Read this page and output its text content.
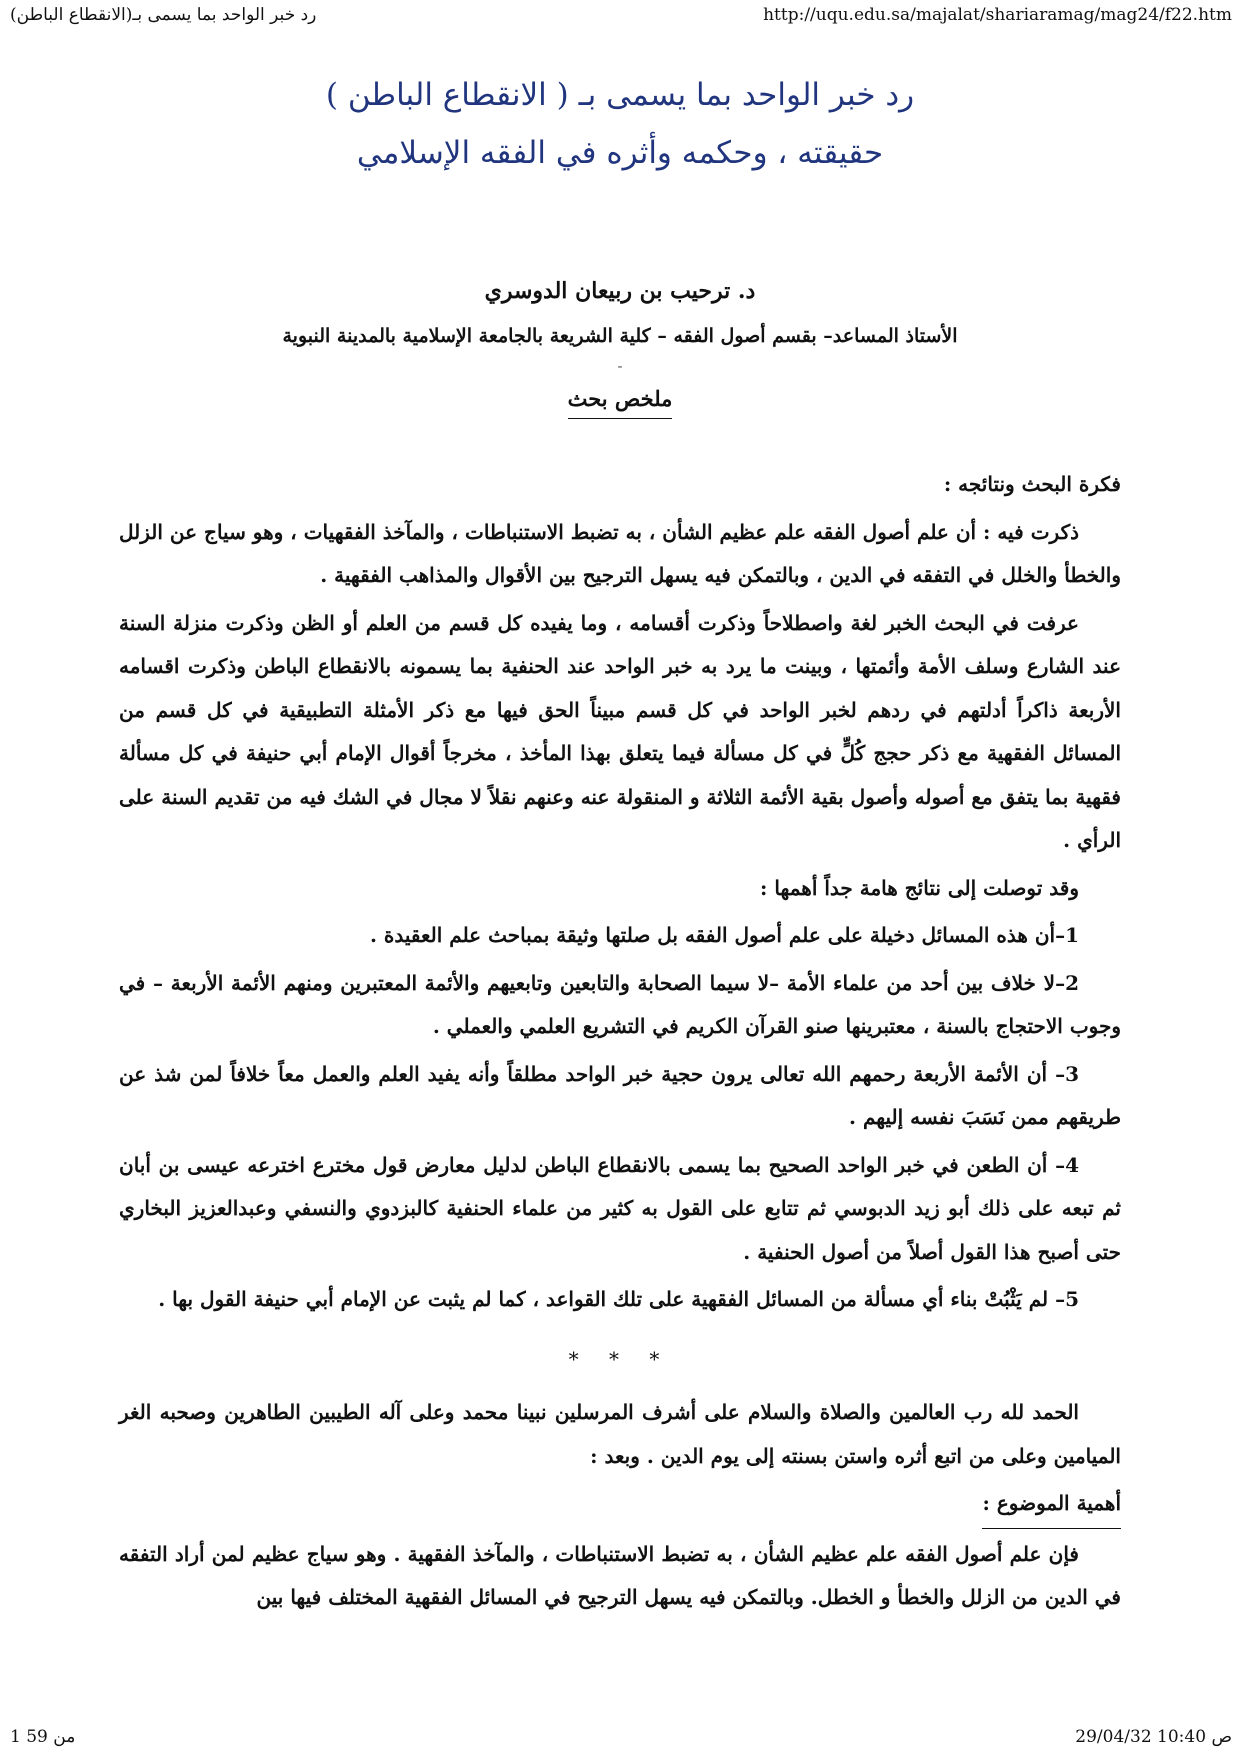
(رد خبر الواحد بما يسمى بـ(الانقطاع الباطن	http://uqu.edu.sa/majalat/shariaramag/mag24/f22.htm
رد خبر الواحد بما يسمى بـ ( الانقطاع الباطن )
حقيقته ، وحكمه وأثره في الفقه الإسلامي
د. ترحيب بن ربيعان الدوسري
الأستاذ المساعد– بقسم أصول الفقه – كلية الشريعة بالجامعة الإسلامية بالمدينة النبوية
-
ملخص بحث

فكرة البحث ونتائجه :

ذكرت فيه : أن علم أصول الفقه علم عظيم الشأن ، به تضبط الاستنباطات ، والمآخذ الفقهيات ، وهو سياج عن الزلل والخطأ والخلل في التفقه في الدين ، وبالتمكن فيه يسهل الترجيح بين الأقوال والمذاهب الفقهية .

عرفت في البحث الخبر لغة واصطلاحاً وذكرت أقسامه ، وما يفيده كل قسم من العلم أو الظن وذكرت منزلة السنة عند الشارع وسلف الأمة وأئمتها ، وبينت ما يرد به خبر الواحد عند الحنفية بما يسمونه بالانقطاع الباطن وذكرت اقسامه الأربعة ذاكراً أدلتهم في ردهم لخبر الواحد في كل قسم مبيناً الحق فيها مع ذكر الأمثلة التطبيقية في كل قسم من المسائل الفقهية مع ذكر حجج كُلٍّ في كل مسألة فيما يتعلق بهذا المأخذ ، مخرجاً أقوال الإمام أبي حنيفة في كل مسألة فقهية بما يتفق مع أصوله وأصول بقية الأئمة الثلاثة و المنقولة عنه وعنهم نقلاً لا مجال في الشك فيه من تقديم السنة على الرأي .

وقد توصلت إلى نتائج هامة جداً أهمها :

1–أن هذه المسائل دخيلة على علم أصول الفقه بل صلتها وثيقة بمباحث علم العقيدة .

2–لا خلاف بين أحد من علماء الأمة –لا سيما الصحابة والتابعين وتابعيهم والأئمة المعتبرين ومنهم الأئمة الأربعة – في وجوب الاحتجاج بالسنة ، معتبرينها صنو القرآن الكريم في التشريع العلمي والعملي .

3– أن الأئمة الأربعة رحمهم الله تعالى يرون حجية خبر الواحد مطلقاً وأنه يفيد العلم والعمل معاً خلافاً لمن شذ عن طريقهم ممن نَسَبَ نفسه إليهم .

4– أن الطعن في خبر الواحد الصحيح بما يسمى بالانقطاع الباطن لدليل معارض قول مخترع اخترعه عيسى بن أبان ثم تبعه على ذلك أبو زيد الدبوسي ثم تتابع على القول به كثير من علماء الحنفية كالبزدوي والنسفي وعبدالعزيز البخاري حتى أصبح هذا القول أصلاً من أصول الحنفية .

5– لم يَثْبُتْ بناء أي مسألة من المسائل الفقهية على تلك القواعد ، كما لم يثبت عن الإمام أبي حنيفة القول بها .

* * *

الحمد لله رب العالمين والصلاة والسلام على أشرف المرسلين نبينا محمد وعلى آله الطيبين الطاهرين وصحبه الغر الميامين وعلى من اتبع أثره واستن بسنته إلى يوم الدين . وبعد :

أهمية الموضوع :

فإن علم أصول الفقه علم عظيم الشأن ، به تضبط الاستنباطات ، والمآخذ الفقهية . وهو سياج عظيم لمن أراد التفقه في الدين من الزلل والخطأ و الخطل. وبالتمكن فيه يسهل الترجيح في المسائل الفقهية المختلف فيها بين

1 من 59	29/04/32 10:40 ص
